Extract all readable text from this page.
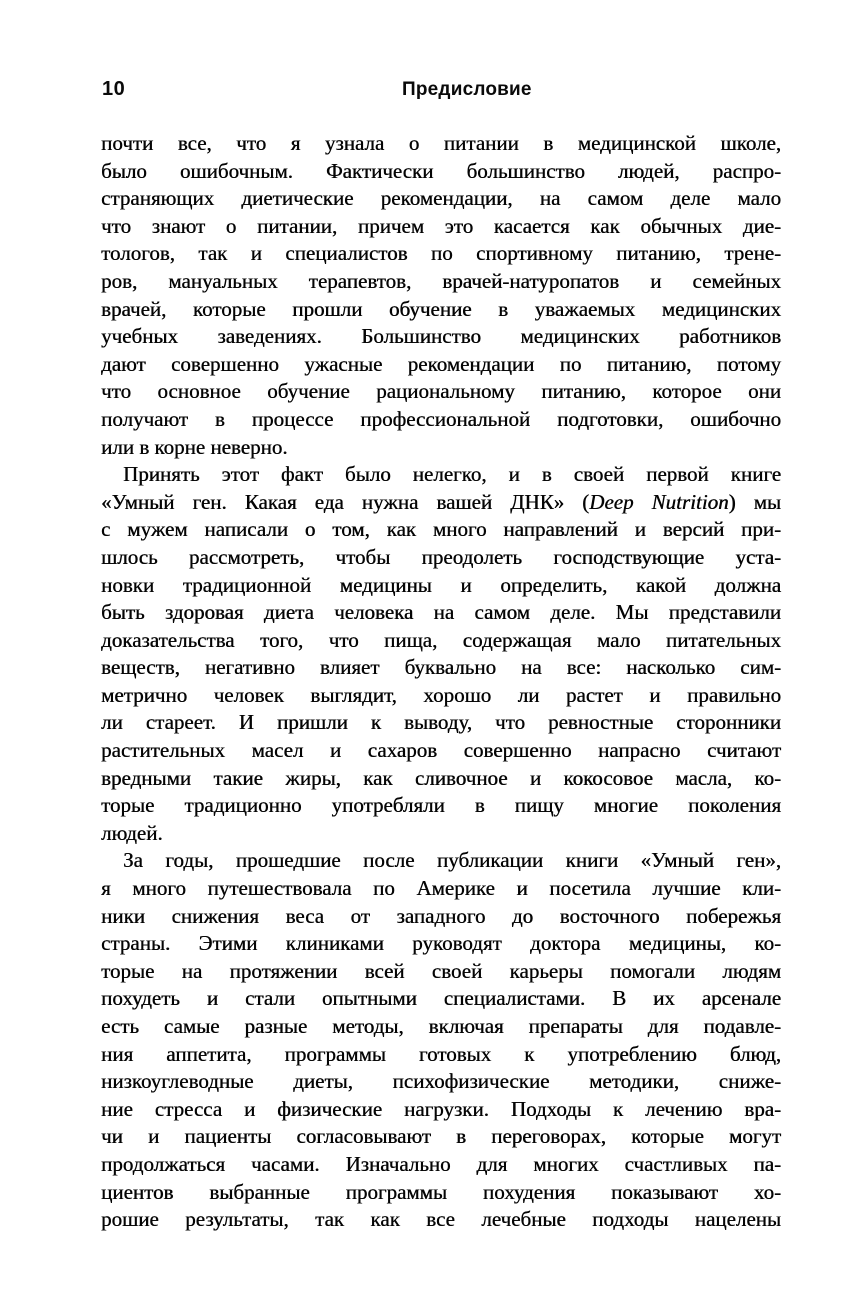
10	Предисловие
почти все, что я узнала о питании в медицинской школе,
было ошибочным. Фактически большинство людей, распро-
страняющих диетические рекомендации, на самом деле мало
что знают о питании, причем это касается как обычных дие-
тологов, так и специалистов по спортивному питанию, трене-
ров, мануальных терапевтов, врачей-натуропатов и семейных
врачей, которые прошли обучение в уважаемых медицинских
учебных заведениях. Большинство медицинских работников
дают совершенно ужасные рекомендации по питанию, потому
что основное обучение рациональному питанию, которое они
получают в процессе профессиональной подготовки, ошибочно
или в корне неверно.
Принять этот факт было нелегко, и в своей первой книге
«Умный ген. Какая еда нужна вашей ДНК» (Deep Nutrition) мы
с мужем написали о том, как много направлений и версий при-
шлось рассмотреть, чтобы преодолеть господствующие уста-
новки традиционной медицины и определить, какой должна
быть здоровая диета человека на самом деле. Мы представили
доказательства того, что пища, содержащая мало питательных
веществ, негативно влияет буквально на все: насколько сим-
метрично человек выглядит, хорошо ли растет и правильно
ли стареет. И пришли к выводу, что ревностные сторонники
растительных масел и сахаров совершенно напрасно считают
вредными такие жиры, как сливочное и кокосовое масла, ко-
торые традиционно употребляли в пищу многие поколения
людей.
За годы, прошедшие после публикации книги «Умный ген»,
я много путешествовала по Америке и посетила лучшие кли-
ники снижения веса от западного до восточного побережья
страны. Этими клиниками руководят доктора медицины, ко-
торые на протяжении всей своей карьеры помогали людям
похудеть и стали опытными специалистами. В их арсенале
есть самые разные методы, включая препараты для подавле-
ния аппетита, программы готовых к употреблению блюд,
низкоуглеводные диеты, психофизические методики, сниже-
ние стресса и физические нагрузки. Подходы к лечению вра-
чи и пациенты согласовывают в переговорах, которые могут
продолжаться часами. Изначально для многих счастливых па-
циентов выбранные программы похудения показывают хо-
рошие результаты, так как все лечебные подходы нацелены
